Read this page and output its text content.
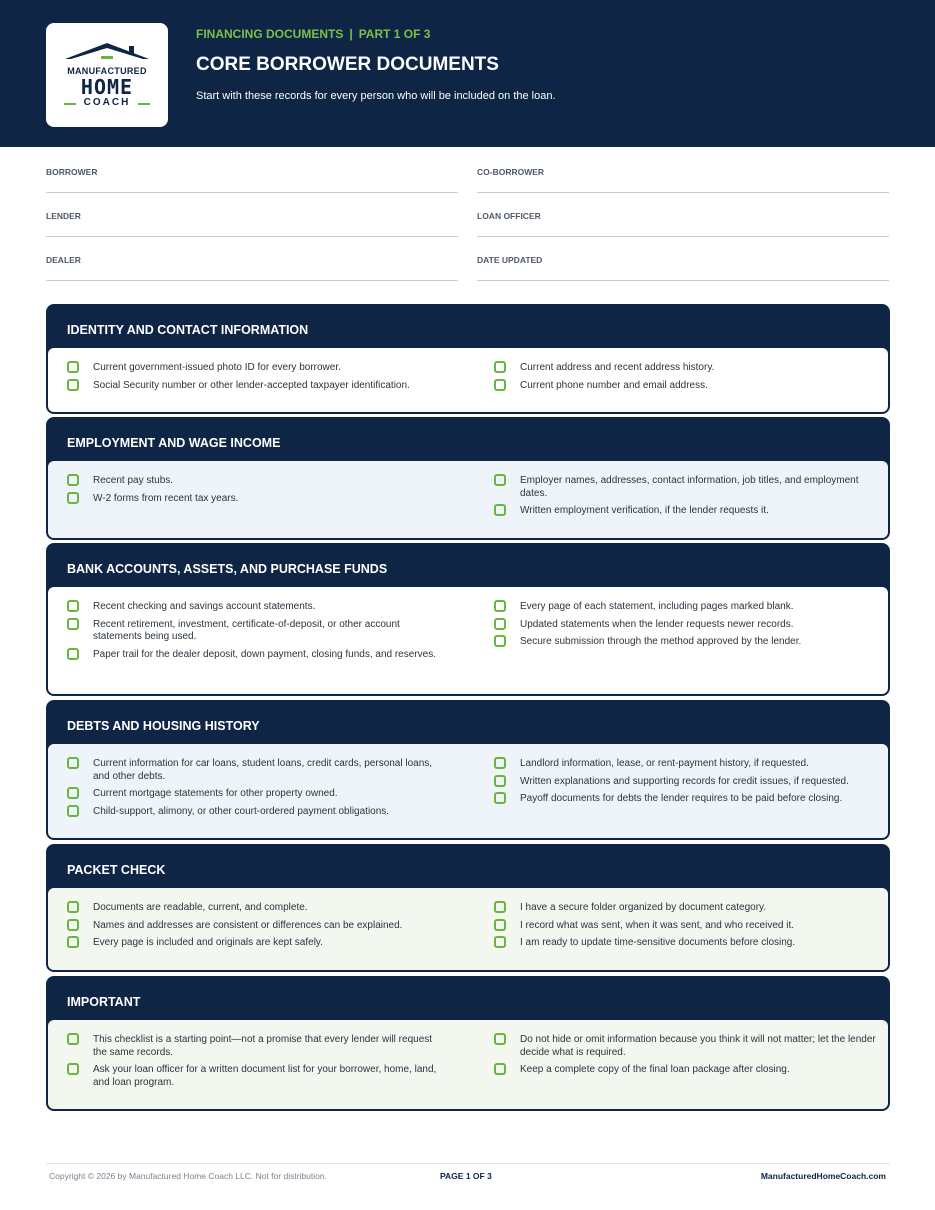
MANUFACTURED
HOME
COACH
FINANCING DOCUMENTS | PART 1 OF 3
CORE BORROWER DOCUMENTS
Start with these records for every person who will be included on the loan.
BORROWER	CO-BORROWER
LENDER	LOAN OFFICER
DEALER	DATE UPDATED
IDENTITY AND CONTACT INFORMATION
Current government-issued photo ID for every borrower.
Social Security number or other lender-accepted taxpayer identification.
Current address and recent address history.
Current phone number and email address.
EMPLOYMENT AND WAGE INCOME
Recent pay stubs.
W-2 forms from recent tax years.
Employer names, addresses, contact information, job titles, and employment dates.
Written employment verification, if the lender requests it.
BANK ACCOUNTS, ASSETS, AND PURCHASE FUNDS
Recent checking and savings account statements.
Recent retirement, investment, certificate-of-deposit, or other account statements being used.
Paper trail for the dealer deposit, down payment, closing funds, and reserves.
Every page of each statement, including pages marked blank.
Updated statements when the lender requests newer records.
Secure submission through the method approved by the lender.
DEBTS AND HOUSING HISTORY
Current information for car loans, student loans, credit cards, personal loans, and other debts.
Current mortgage statements for other property owned.
Child-support, alimony, or other court-ordered payment obligations.
Landlord information, lease, or rent-payment history, if requested.
Written explanations and supporting records for credit issues, if requested.
Payoff documents for debts the lender requires to be paid before closing.
PACKET CHECK
Documents are readable, current, and complete.
Names and addresses are consistent or differences can be explained.
Every page is included and originals are kept safely.
I have a secure folder organized by document category.
I record what was sent, when it was sent, and who received it.
I am ready to update time-sensitive documents before closing.
IMPORTANT
This checklist is a starting point—not a promise that every lender will request the same records.
Ask your loan officer for a written document list for your borrower, home, land, and loan program.
Do not hide or omit information because you think it will not matter; let the lender decide what is required.
Keep a complete copy of the final loan package after closing.
Copyright © 2026 by Manufactured Home Coach LLC. Not for distribution.	PAGE 1 OF 3	ManufacturedHomeCoach.com
